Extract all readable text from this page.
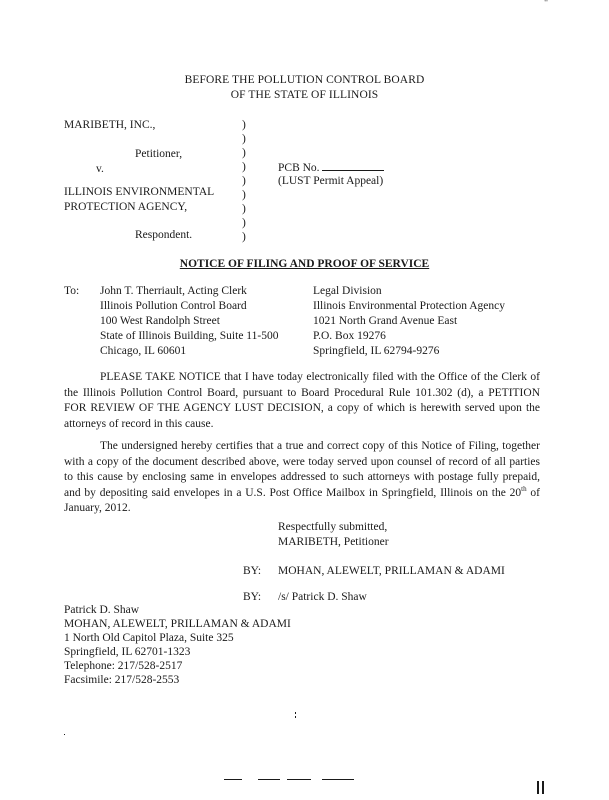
"
BEFORE THE POLLUTION CONTROL BOARD
OF THE STATE OF ILLINOIS
MARIBETH, INC.,
Petitioner,
v.
ILLINOIS ENVIRONMENTAL
PROTECTION AGENCY,
Respondent.
)
)
)
)
)
)
)
)
)
PCB No.
(LUST Permit Appeal)
NOTICE OF FILING AND PROOF OF SERVICE
To: John T. Therriault, Acting Clerk
Illinois Pollution Control Board
100 West Randolph Street
State of Illinois Building, Suite 11-500
Chicago, IL 60601
Legal Division
Illinois Environmental Protection Agency
1021 North Grand Avenue East
P.O. Box 19276
Springfield, IL 62794-9276
PLEASE TAKE NOTICE that I have today electronically filed with the Office of the Clerk of the Illinois Pollution Control Board, pursuant to Board Procedural Rule 101.302 (d), a PETITION FOR REVIEW OF THE AGENCY LUST DECISION, a copy of which is herewith served upon the attorneys of record in this cause.
The undersigned hereby certifies that a true and correct copy of this Notice of Filing, together with a copy of the document described above, were today served upon counsel of record of all parties to this cause by enclosing same in envelopes addressed to such attorneys with postage fully prepaid, and by depositing said envelopes in a U.S. Post Office Mailbox in Springfield, Illinois on the 20th of January, 2012.
Respectfully submitted,
MARIBETH, Petitioner
BY: MOHAN, ALEWELT, PRILLAMAN & ADAMI
BY: /s/ Patrick D. Shaw
Patrick D. Shaw
MOHAN, ALEWELT, PRILLAMAN & ADAMI
1 North Old Capitol Plaza, Suite 325
Springfield, IL 62701-1323
Telephone: 217/528-2517
Facsimile: 217/528-2553
